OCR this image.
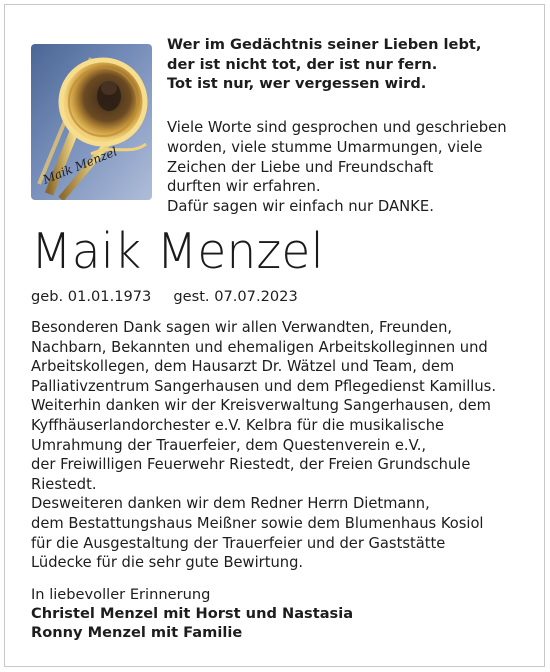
Maik Menzel
Wer im Gedächtnis seiner Lieben lebt,
der ist nicht tot, der ist nur fern.
Tot ist nur, wer vergessen wird.
Viele Worte sind gesprochen und geschrieben
worden, viele stumme Umarmungen, viele
Zeichen der Liebe und Freundschaft
durften wir erfahren.
Dafür sagen wir einfach nur DANKE.
Maik Menzel
geb. 01.01.1973 gest. 07.07.2023
Besonderen Dank sagen wir allen Verwandten, Freunden,
Nachbarn, Bekannten und ehemaligen Arbeitskolleginnen und
Arbeitskollegen, dem Hausarzt Dr. Wätzel und Team, dem
Palliativzentrum Sangerhausen und dem Pflegedienst Kamillus.
Weiterhin danken wir der Kreisverwaltung Sangerhausen, dem
Kyffhäuserlandorchester e.V. Kelbra für die musikalische
Umrahmung der Trauerfeier, dem Questenverein e.V.,
der Freiwilligen Feuerwehr Riestedt, der Freien Grundschule
Riestedt.
Desweiteren danken wir dem Redner Herrn Dietmann,
dem Bestattungshaus Meißner sowie dem Blumenhaus Kosiol
für die Ausgestaltung der Trauerfeier und der Gaststätte
Lüdecke für die sehr gute Bewirtung.
In liebevoller Erinnerung
Christel Menzel mit Horst und Nastasia
Ronny Menzel mit Familie
